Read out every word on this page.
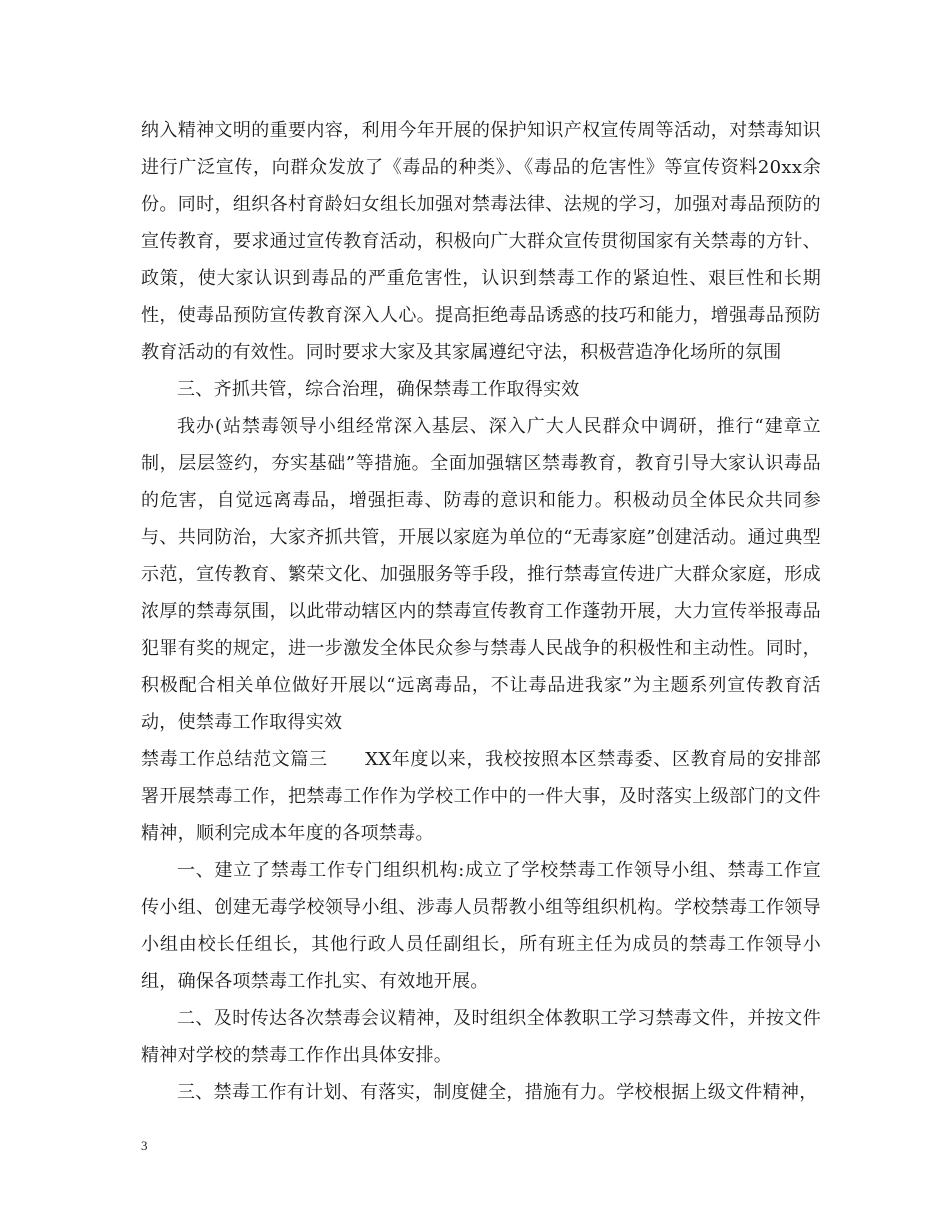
纳入精神文明的重要内容，利用今年开展的保护知识产权宣传周等活动，对禁毒知识进行广泛宣传，向群众发放了《毒品的种类》、《毒品的危害性》等宣传资料20xx余份。同时，组织各村育龄妇女组长加强对禁毒法律、法规的学习，加强对毒品预防的宣传教育，要求通过宣传教育活动，积极向广大群众宣传贯彻国家有关禁毒的方针、政策，使大家认识到毒品的严重危害性，认识到禁毒工作的紧迫性、艰巨性和长期性，使毒品预防宣传教育深入人心。提高拒绝毒品诱惑的技巧和能力，增强毒品预防教育活动的有效性。同时要求大家及其家属遵纪守法，积极营造净化场所的氛围

三、齐抓共管，综合治理，确保禁毒工作取得实效

我办(站禁毒领导小组经常深入基层、深入广大人民群众中调研，推行“建章立制，层层签约，夯实基础”等措施。全面加强辖区禁毒教育，教育引导大家认识毒品的危害，自觉远离毒品，增强拒毒、防毒的意识和能力。积极动员全体民众共同参与、共同防治，大家齐抓共管，开展以家庭为单位的“无毒家庭”创建活动。通过典型示范，宣传教育、繁荣文化、加强服务等手段，推行禁毒宣传进广大群众家庭，形成浓厚的禁毒氛围，以此带动辖区内的禁毒宣传教育工作蓬勃开展，大力宣传举报毒品犯罪有奖的规定，进一步激发全体民众参与禁毒人民战争的积极性和主动性。同时，积极配合相关单位做好开展以“远离毒品，不让毒品进我家”为主题系列宣传教育活动，使禁毒工作取得实效

禁毒工作总结范文篇三　　XX年度以来，我校按照本区禁毒委、区教育局的安排部署开展禁毒工作，把禁毒工作作为学校工作中的一件大事，及时落实上级部门的文件精神，顺利完成本年度的各项禁毒。

一、建立了禁毒工作专门组织机构:成立了学校禁毒工作领导小组、禁毒工作宣传小组、创建无毒学校领导小组、涉毒人员帮教小组等组织机构。学校禁毒工作领导小组由校长任组长，其他行政人员任副组长，所有班主任为成员的禁毒工作领导小组，确保各项禁毒工作扎实、有效地开展。

二、及时传达各次禁毒会议精神，及时组织全体教职工学习禁毒文件，并按文件精神对学校的禁毒工作作出具体安排。

三、禁毒工作有计划、有落实，制度健全，措施有力。学校根据上级文件精神，

3
